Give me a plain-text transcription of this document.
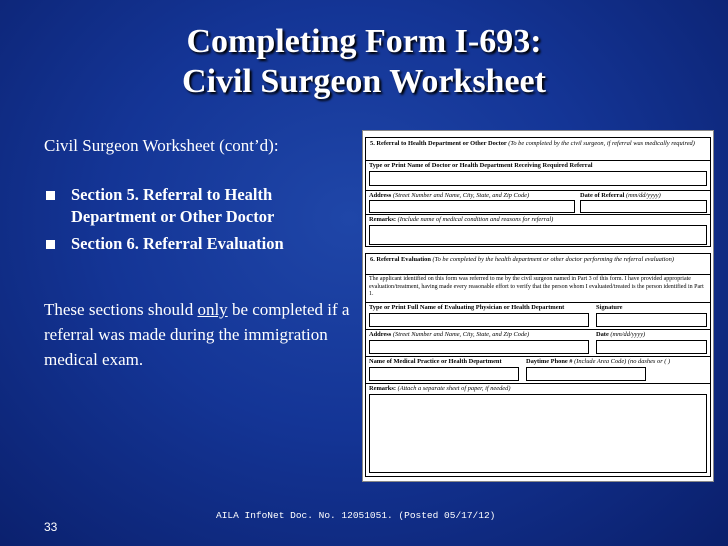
Completing Form I-693:
Civil Surgeon Worksheet
Civil Surgeon Worksheet (cont’d):
Section 5. Referral to Health Department or Other Doctor
Section 6. Referral Evaluation
These sections should only be completed if a referral was made during the immigration medical exam.
5. Referral to Health Department or Other Doctor (To be completed by the civil surgeon, if referral was medically required)
Type or Print Name of Doctor or Health Department Receiving Required Referral
Address (Street Number and Name, City, State, and Zip Code)	Date of Referral (mm/dd/yyyy)
Remarks: (Include name of medical condition and reasons for referral)
6. Referral Evaluation (To be completed by the health department or other doctor performing the referral evaluation)
The applicant identified on this form was referred to me by the civil surgeon named in Part 3 of this form. I have provided appropriate evaluation/treatment, having made every reasonable effort to verify that the person whom I evaluated/treated is the person identified in Part 1.
Type or Print Full Name of Evaluating Physician or Health Department	Signature
Address (Street Number and Name, City, State, and Zip Code)	Date (mm/dd/yyyy)
Name of Medical Practice or Health Department	Daytime Phone # (Include Area Code) (no dashes or ( )
Remarks: (Attach a separate sheet of paper, if needed)
AILA InfoNet Doc. No. 12051051. (Posted 05/17/12)
33
